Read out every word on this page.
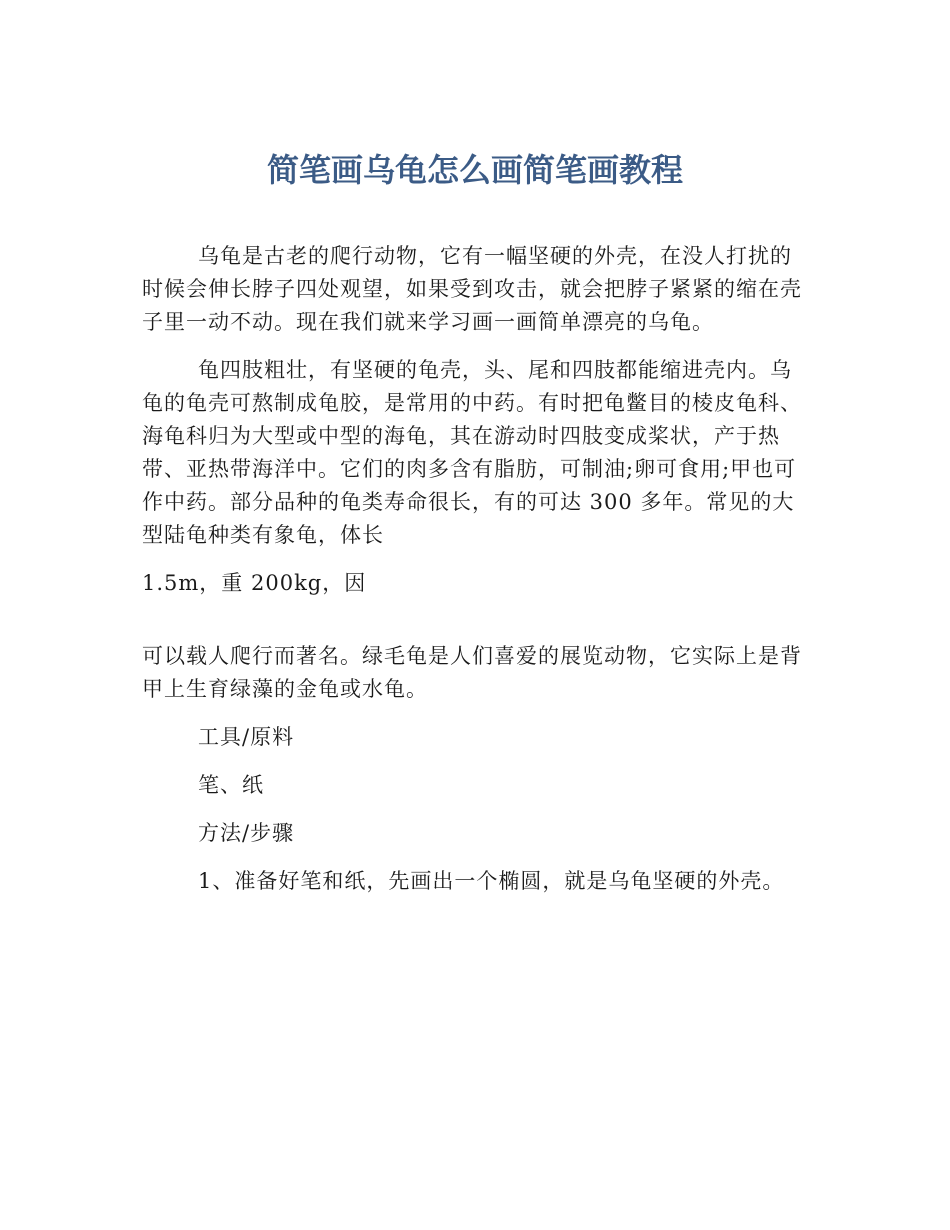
简笔画乌龟怎么画简笔画教程

乌龟是古老的爬行动物，它有一幅坚硬的外壳，在没人打扰的时候会伸长脖子四处观望，如果受到攻击，就会把脖子紧紧的缩在壳子里一动不动。现在我们就来学习画一画简单漂亮的乌龟。

龟四肢粗壮，有坚硬的龟壳，头、尾和四肢都能缩进壳内。乌龟的龟壳可熬制成龟胶，是常用的中药。有时把龟鳖目的棱皮龟科、海龟科归为大型或中型的海龟，其在游动时四肢变成桨状，产于热带、亚热带海洋中。它们的肉多含有脂肪，可制油;卵可食用;甲也可作中药。部分品种的龟类寿命很长，有的可达 300 多年。常见的大型陆龟种类有象龟，体长

1.5m，重 200kg，因

可以载人爬行而著名。绿毛龟是人们喜爱的展览动物，它实际上是背甲上生育绿藻的金龟或水龟。

工具/原料

笔、纸

方法/步骤

1、准备好笔和纸，先画出一个椭圆，就是乌龟坚硬的外壳。
